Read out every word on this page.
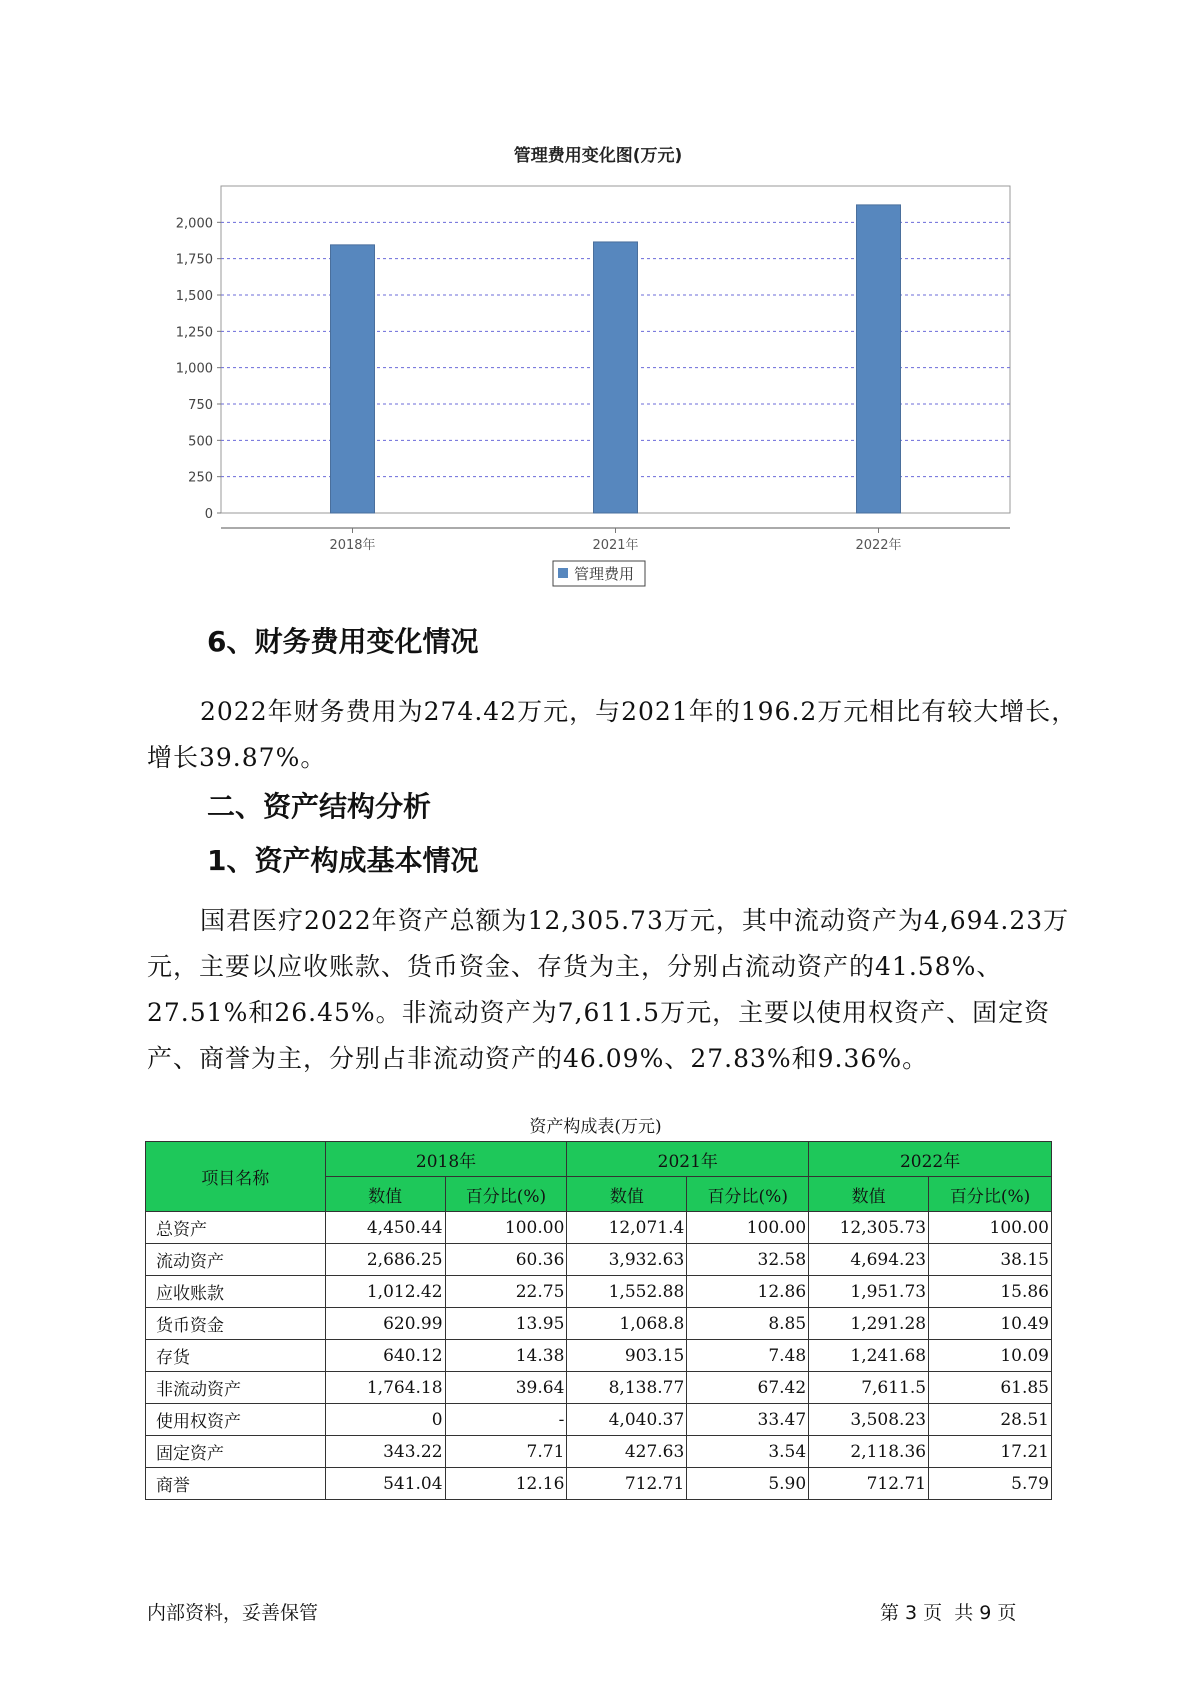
管理费用变化图(万元)
0
250
500
750
1,000
1,250
1,500
1,750
2,000
2018年	2021年	2022年
管理费用
6、财务费用变化情况
2022年财务费用为274.42万元，与2021年的196.2万元相比有较大增长，增长39.87%。
二、资产结构分析
1、资产构成基本情况
国君医疗2022年资产总额为12,305.73万元，其中流动资产为4,694.23万元，主要以应收账款、货币资金、存货为主，分别占流动资产的41.58%、27.51%和26.45%。非流动资产为7,611.5万元，主要以使用权资产、固定资产、商誉为主，分别占非流动资产的46.09%、27.83%和9.36%。
资产构成表(万元)
项目名称	2018年		2021年		2022年	
	数值	百分比(%)	数值	百分比(%)	数值	百分比(%)
总资产	4,450.44	100.00	12,071.4	100.00	12,305.73	100.00
流动资产	2,686.25	60.36	3,932.63	32.58	4,694.23	38.15
应收账款	1,012.42	22.75	1,552.88	12.86	1,951.73	15.86
货币资金	620.99	13.95	1,068.8	8.85	1,291.28	10.49
存货	640.12	14.38	903.15	7.48	1,241.68	10.09
非流动资产	1,764.18	39.64	8,138.77	67.42	7,611.5	61.85
使用权资产	0	-	4,040.37	33.47	3,508.23	28.51
固定资产	343.22	7.71	427.63	3.54	2,118.36	17.21
商誉	541.04	12.16	712.71	5.90	712.71	5.79
内部资料，妥善保管	第 3 页  共 9 页
